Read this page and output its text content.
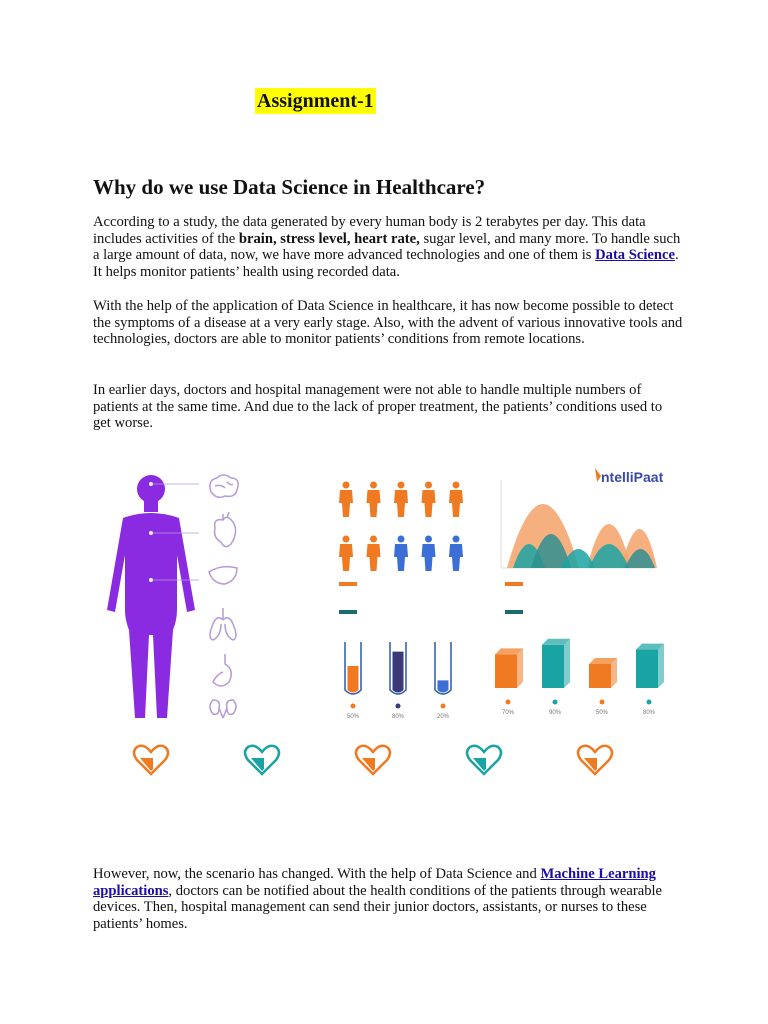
Assignment-1
Why do we use Data Science in Healthcare?

According to a study, the data generated by every human body is 2 terabytes per day. This data includes activities of the brain, stress level, heart rate, sugar level, and many more. To handle such a large amount of data, now, we have more advanced technologies and one of them is Data Science. It helps monitor patients’ health using recorded data.

With the help of the application of Data Science in healthcare, it has now become possible to detect the symptoms of a disease at a very early stage. Also, with the advent of various innovative tools and technologies, doctors are able to monitor patients’ conditions from remote locations.

In earlier days, doctors and hospital management were not able to handle multiple numbers of patients at the same time. And due to the lack of proper treatment, the patients’ conditions used to get worse.

ntelliPaat
50%	80%	20%
70%	90%	50%	80%

However, now, the scenario has changed. With the help of Data Science and Machine Learning applications, doctors can be notified about the health conditions of the patients through wearable devices. Then, hospital management can send their junior doctors, assistants, or nurses to these patients’ homes.
